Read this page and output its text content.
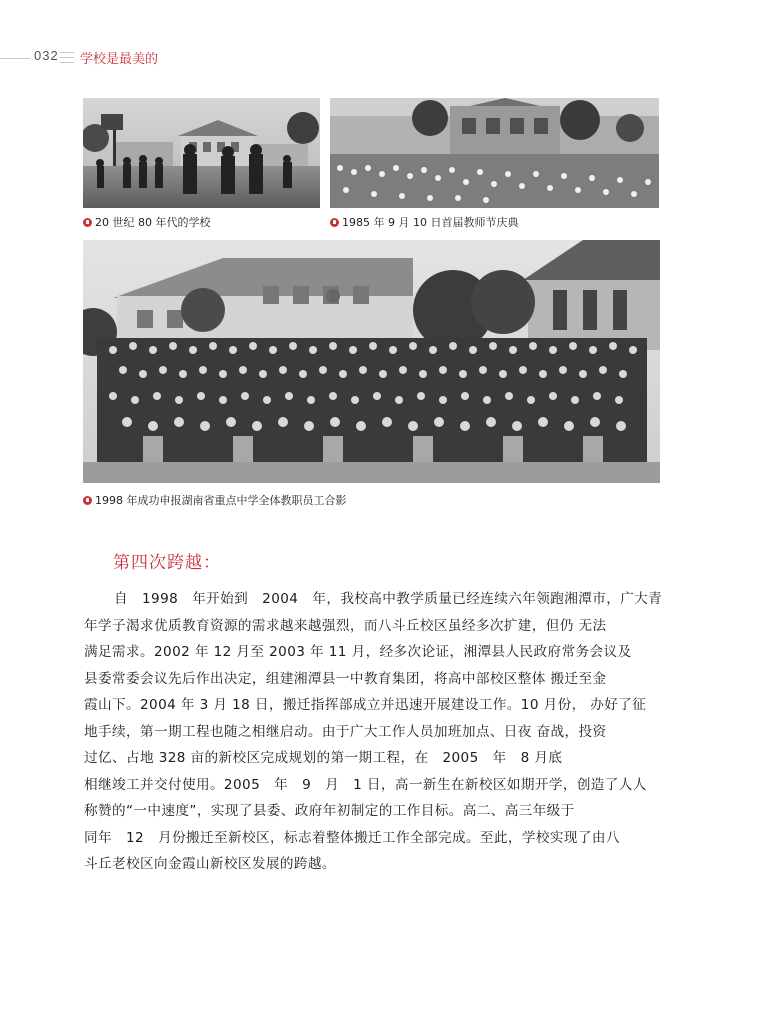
032 学校是最美的
20 世纪 80 年代的学校	1985 年 9 月 10 日首届教师节庆典
1998 年成功申报湖南省重点中学全体教职员工合影
第四次跨越：

自　1998　年开始到　2004　年，我校高中教学质量已经连续六年领跑湘潭市，广大青

年学子渴求优质教育资源的需求越来越强烈，而八斗丘校区虽经多次扩建，但仍 无法

满足需求。2002 年 12 月至 2003 年 11 月，经多次论证，湘潭县人民政府常务会议及

县委常委会议先后作出决定，组建湘潭县一中教育集团，将高中部校区整体 搬迁至金

霞山下。2004 年 3 月 18 日，搬迁指挥部成立并迅速开展建设工作。10 月份， 办好了征

地手续，第一期工程也随之相继启动。由于广大工作人员加班加点、日夜 奋战，投资

过亿、占地 328 亩的新校区完成规划的第一期工程，在　2005　年　8 月底

相继竣工并交付使用。2005　年　9　月　1 日，高一新生在新校区如期开学，创造了人人

称赞的“一中速度”，实现了县委、政府年初制定的工作目标。高二、高三年级于

同年　12　月份搬迁至新校区，标志着整体搬迁工作全部完成。至此，学校实现了由八

斗丘老校区向金霞山新校区发展的跨越。
